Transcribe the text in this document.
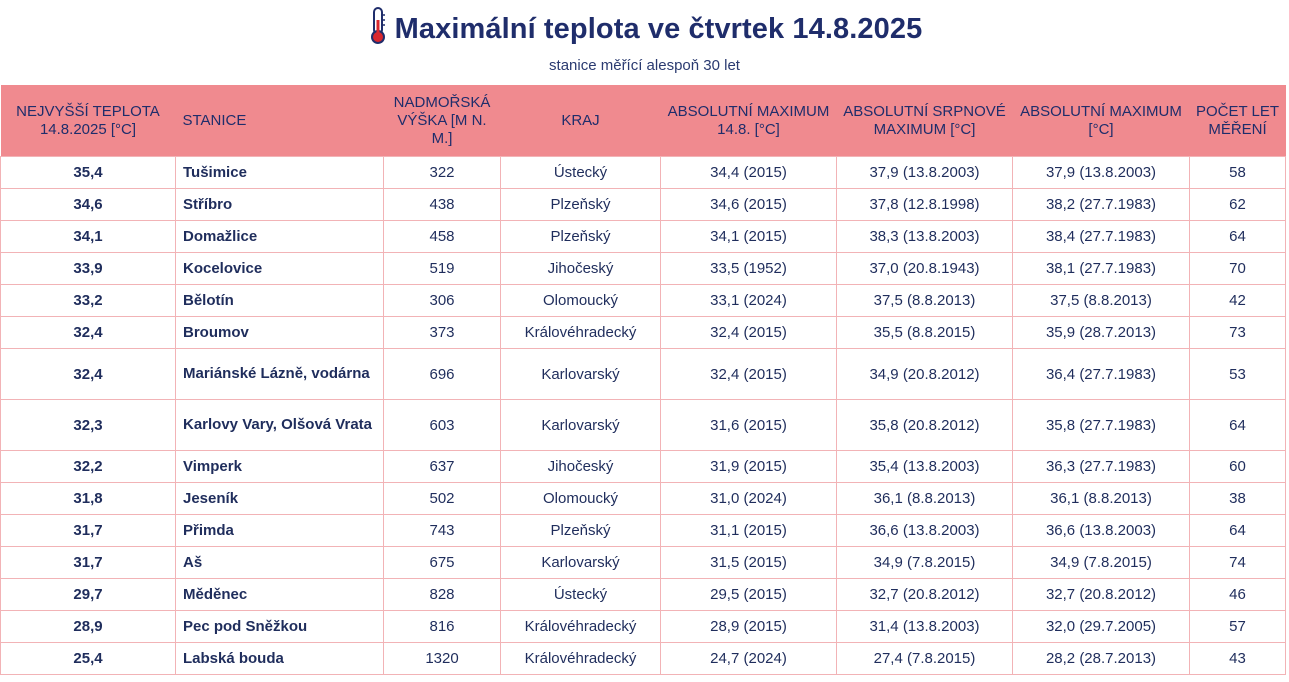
Maximální teplota ve čtvrtek 14.8.2025
stanice měřící alespoň 30 let
NEJVYŠŠÍ TEPLOTA 14.8.2025 [°C]	STANICE	NADMOŘSKÁ VÝŠKA [M N. M.]	KRAJ	ABSOLUTNÍ MAXIMUM 14.8. [°C]	ABSOLUTNÍ SRPNOVÉ MAXIMUM [°C]	ABSOLUTNÍ MAXIMUM [°C]	POČET LET MĚŘENÍ
35,4	Tušimice	322	Ústecký	34,4 (2015)	37,9 (13.8.2003)	37,9 (13.8.2003)	58
34,6	Stříbro	438	Plzeňský	34,6 (2015)	37,8 (12.8.1998)	38,2 (27.7.1983)	62
34,1	Domažlice	458	Plzeňský	34,1 (2015)	38,3 (13.8.2003)	38,4 (27.7.1983)	64
33,9	Kocelovice	519	Jihočeský	33,5 (1952)	37,0 (20.8.1943)	38,1 (27.7.1983)	70
33,2	Bělotín	306	Olomoucký	33,1 (2024)	37,5 (8.8.2013)	37,5 (8.8.2013)	42
32,4	Broumov	373	Královéhradecký	32,4 (2015)	35,5 (8.8.2015)	35,9 (28.7.2013)	73
32,4	Mariánské Lázně, vodárna	696	Karlovarský	32,4 (2015)	34,9 (20.8.2012)	36,4 (27.7.1983)	53
32,3	Karlovy Vary, Olšová Vrata	603	Karlovarský	31,6 (2015)	35,8 (20.8.2012)	35,8 (27.7.1983)	64
32,2	Vimperk	637	Jihočeský	31,9 (2015)	35,4 (13.8.2003)	36,3 (27.7.1983)	60
31,8	Jeseník	502	Olomoucký	31,0 (2024)	36,1 (8.8.2013)	36,1 (8.8.2013)	38
31,7	Přimda	743	Plzeňský	31,1 (2015)	36,6 (13.8.2003)	36,6 (13.8.2003)	64
31,7	Aš	675	Karlovarský	31,5 (2015)	34,9 (7.8.2015)	34,9 (7.8.2015)	74
29,7	Měděnec	828	Ústecký	29,5 (2015)	32,7 (20.8.2012)	32,7 (20.8.2012)	46
28,9	Pec pod Sněžkou	816	Královéhradecký	28,9 (2015)	31,4 (13.8.2003)	32,0 (29.7.2005)	57
25,4	Labská bouda	1320	Královéhradecký	24,7 (2024)	27,4 (7.8.2015)	28,2 (28.7.2013)	43
